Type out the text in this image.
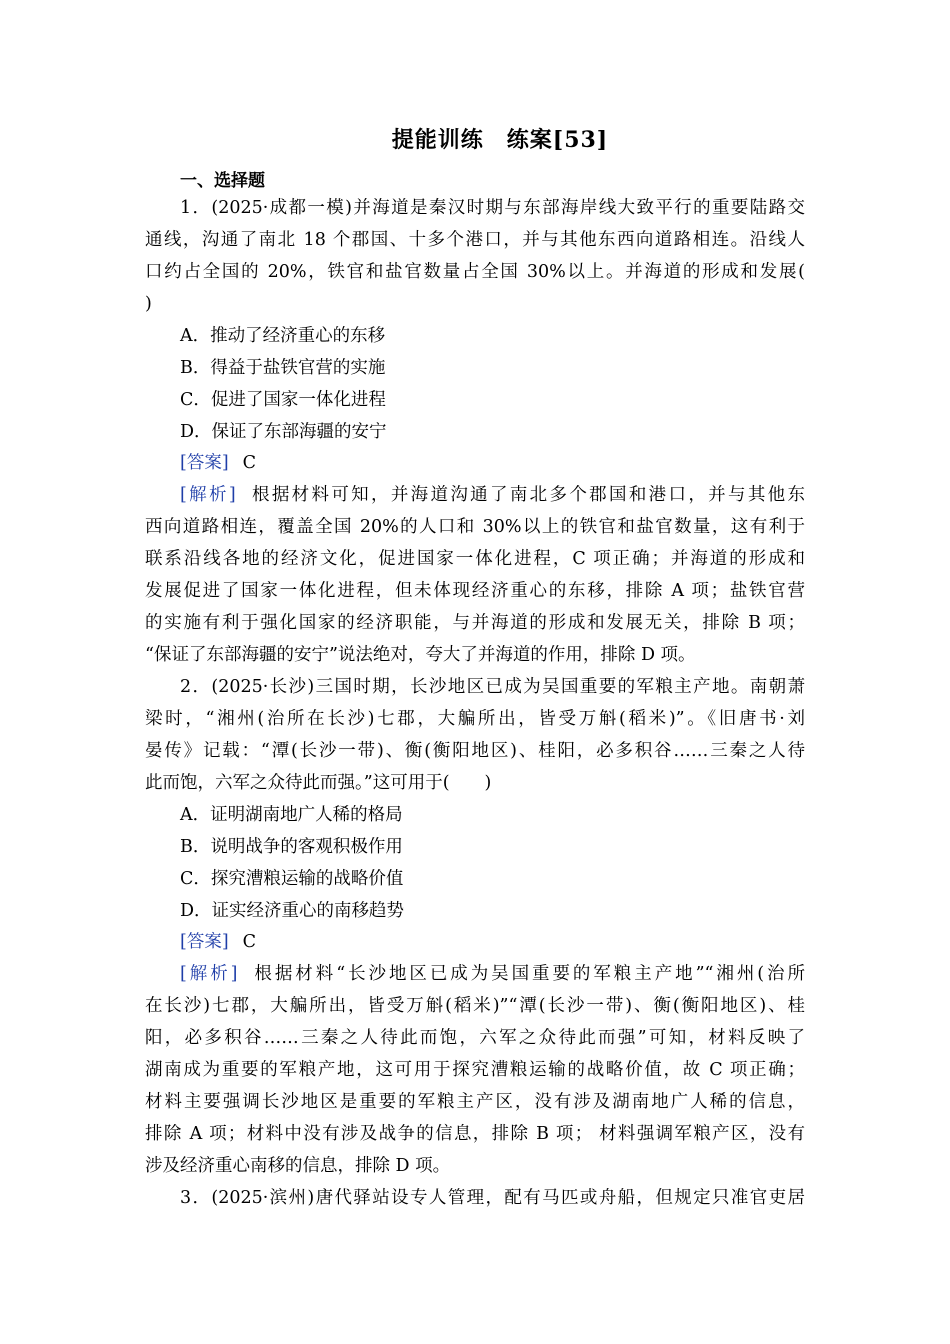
提能训练　练案[53]
一、选择题
1．(2025·成都一模)并海道是秦汉时期与东部海岸线大致平行的重要陆路交
通线，沟通了南北 18 个郡国、十多个港口，并与其他东西向道路相连。沿线人
口约占全国的 20%，铁官和盐官数量占全国 30%以上。并海道的形成和发展(
)
A．推动了经济重心的东移
B．得益于盐铁官营的实施
C．促进了国家一体化进程
D．保证了东部海疆的安宁
[答案] C
[解析] 根据材料可知，并海道沟通了南北多个郡国和港口，并与其他东
西向道路相连，覆盖全国 20%的人口和 30%以上的铁官和盐官数量，这有利于
联系沿线各地的经济文化，促进国家一体化进程，C 项正确；并海道的形成和
发展促进了国家一体化进程，但未体现经济重心的东移，排除 A 项；盐铁官营
的实施有利于强化国家的经济职能，与并海道的形成和发展无关，排除 B 项；
“保证了东部海疆的安宁”说法绝对，夸大了并海道的作用，排除 D 项。
2．(2025·长沙)三国时期，长沙地区已成为吴国重要的军粮主产地。南朝萧
梁时，“湘州(治所在长沙)七郡，大艑所出，皆受万斛(稻米)”。《旧唐书·刘
晏传》记载：“潭(长沙一带)、衡(衡阳地区)、桂阳，必多积谷……三秦之人待
此而饱，六军之众待此而强。”这可用于(　　)
A．证明湖南地广人稀的格局
B．说明战争的客观积极作用
C．探究漕粮运输的战略价值
D．证实经济重心的南移趋势
[答案] C
[解析] 根据材料“长沙地区已成为吴国重要的军粮主产地”“湘州(治所
在长沙)七郡，大艑所出，皆受万斛(稻米)”“潭(长沙一带)、衡(衡阳地区)、桂
阳，必多积谷……三秦之人待此而饱，六军之众待此而强”可知，材料反映了
湖南成为重要的军粮产地，这可用于探究漕粮运输的战略价值，故 C 项正确；
材料主要强调长沙地区是重要的军粮主产区，没有涉及湖南地广人稀的信息，
排除 A 项；材料中没有涉及战争的信息，排除 B 项； 材料强调军粮产区，没有
涉及经济重心南移的信息，排除 D 项。
3．(2025·滨州)唐代驿站设专人管理，配有马匹或舟船，但规定只准官吏居
